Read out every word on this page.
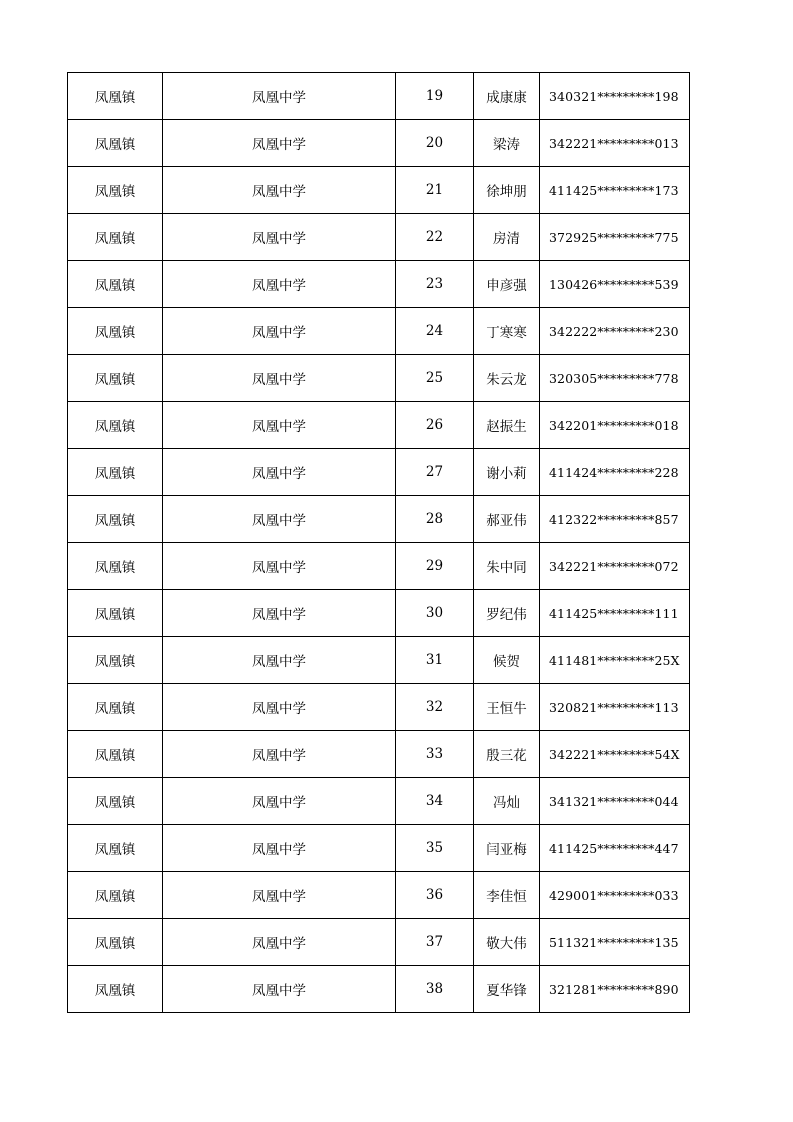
凤凰镇	凤凰中学	19	成康康	340321*********198
凤凰镇	凤凰中学	20	梁涛	342221*********013
凤凰镇	凤凰中学	21	徐坤朋	411425*********173
凤凰镇	凤凰中学	22	房清	372925*********775
凤凰镇	凤凰中学	23	申彦强	130426*********539
凤凰镇	凤凰中学	24	丁寒寒	342222*********230
凤凰镇	凤凰中学	25	朱云龙	320305*********778
凤凰镇	凤凰中学	26	赵振生	342201*********018
凤凰镇	凤凰中学	27	谢小莉	411424*********228
凤凰镇	凤凰中学	28	郝亚伟	412322*********857
凤凰镇	凤凰中学	29	朱中同	342221*********072
凤凰镇	凤凰中学	30	罗纪伟	411425*********111
凤凰镇	凤凰中学	31	候贺	411481*********25X
凤凰镇	凤凰中学	32	王恒牛	320821*********113
凤凰镇	凤凰中学	33	殷三花	342221*********54X
凤凰镇	凤凰中学	34	冯灿	341321*********044
凤凰镇	凤凰中学	35	闫亚梅	411425*********447
凤凰镇	凤凰中学	36	李佳恒	429001*********033
凤凰镇	凤凰中学	37	敬大伟	511321*********135
凤凰镇	凤凰中学	38	夏华锋	321281*********890
